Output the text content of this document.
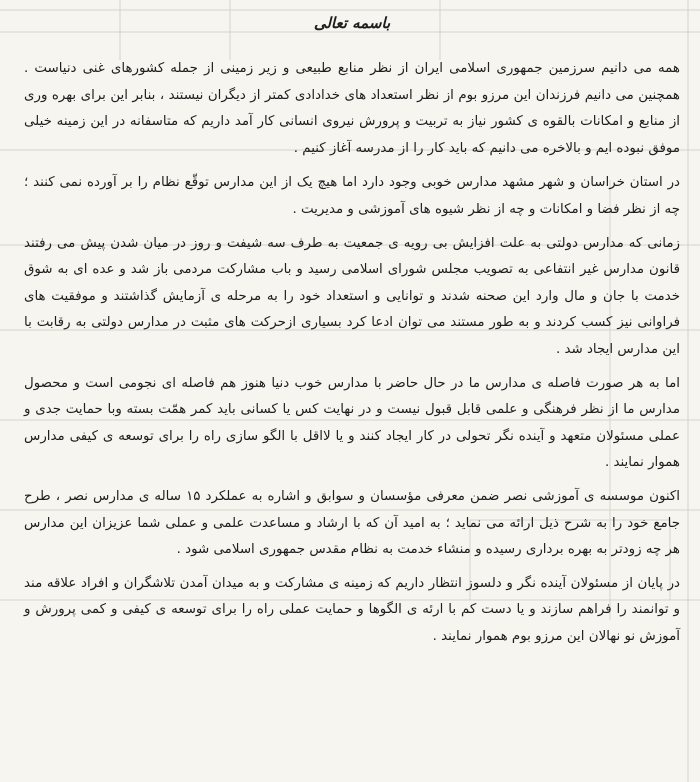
باسمه تعالی

همه می دانیم سرزمین جمهوری اسلامی ایران از نظر منابع طبیعی و زیر زمینی از جمله کشورهای غنی دنیاست . همچنین می دانیم فرزندان این مرزو بوم از نظر استعداد های خدادادی کمتر از دیگران نیستند ، بنابر این برای بهره وری از منابع و امکانات بالقوه ی کشور نیاز به تربیت و پرورش نیروی انسانی کار آمد داریم که متاسفانه در این زمینه خیلی موفق نبوده ایم و بالاخره می دانیم که باید کار را از مدرسه آغاز کنیم .

در استان خراسان و شهر مشهد مدارس خوبی وجود دارد اما هیچ یک از این مدارس توقّع نظام را بر آورده نمی کنند ؛ چه از نظر فضا و امکانات و چه از نظر شیوه های آموزشی و مدیریت .

زمانی که مدارس دولتی به علت افزایش بی رویه ی جمعیت به طرف سه شیفت و روز در میان شدن پیش می رفتند قانون مدارس غیر انتفاعی به تصویب مجلس شورای اسلامی رسید و باب مشارکت مردمی باز شد و عده ای به شوق خدمت با جان و مال وارد این صحنه شدند و توانایی و استعداد خود را به مرحله ی آزمایش گذاشتند و موفقیت های فراوانی نیز کسب کردند و به طور مستند می توان ادعا کرد بسیاری ازحرکت های مثبت در مدارس دولتی به رقابت با این مدارس ایجاد شد .

اما به هر صورت فاصله ی مدارس ما در حال حاضر با مدارس خوب دنیا هنوز هم فاصله ای نجومی است و محصول مدارس ما از نظر فرهنگی و علمی قابل قبول نیست و در نهایت کس یا کسانی باید کمر همّت بسته وبا حمایت جدی و عملی مسئولان متعهد و آینده نگر تحولی در کار ایجاد کنند و یا لااقل با الگو سازی راه را برای توسعه ی کیفی مدارس هموار نمایند .

اکنون موسسه ی آموزشی نصر ضمن معرفی مؤسسان و سوابق و اشاره به عملکرد ۱۵ ساله ی مدارس نصر ، طرح جامع خود را به شرح ذیل ارائه می نماید ؛ به امید آن که با ارشاد و مساعدت علمی و عملی شما عزیزان این مدارس هر چه زودتر به بهره برداری رسیده و منشاء خدمت به نظام مقدس جمهوری اسلامی شود .

در پایان از مسئولان آینده نگر و دلسوز انتظار داریم که زمینه ی مشارکت و به میدان آمدن تلاشگران و افراد علاقه مند و توانمند را فراهم سازند و یا دست کم با ارئه ی الگوها و حمایت عملی راه را برای توسعه ی کیفی و کمی پرورش و آموزش نو نهالان این مرزو بوم هموار نمایند .
